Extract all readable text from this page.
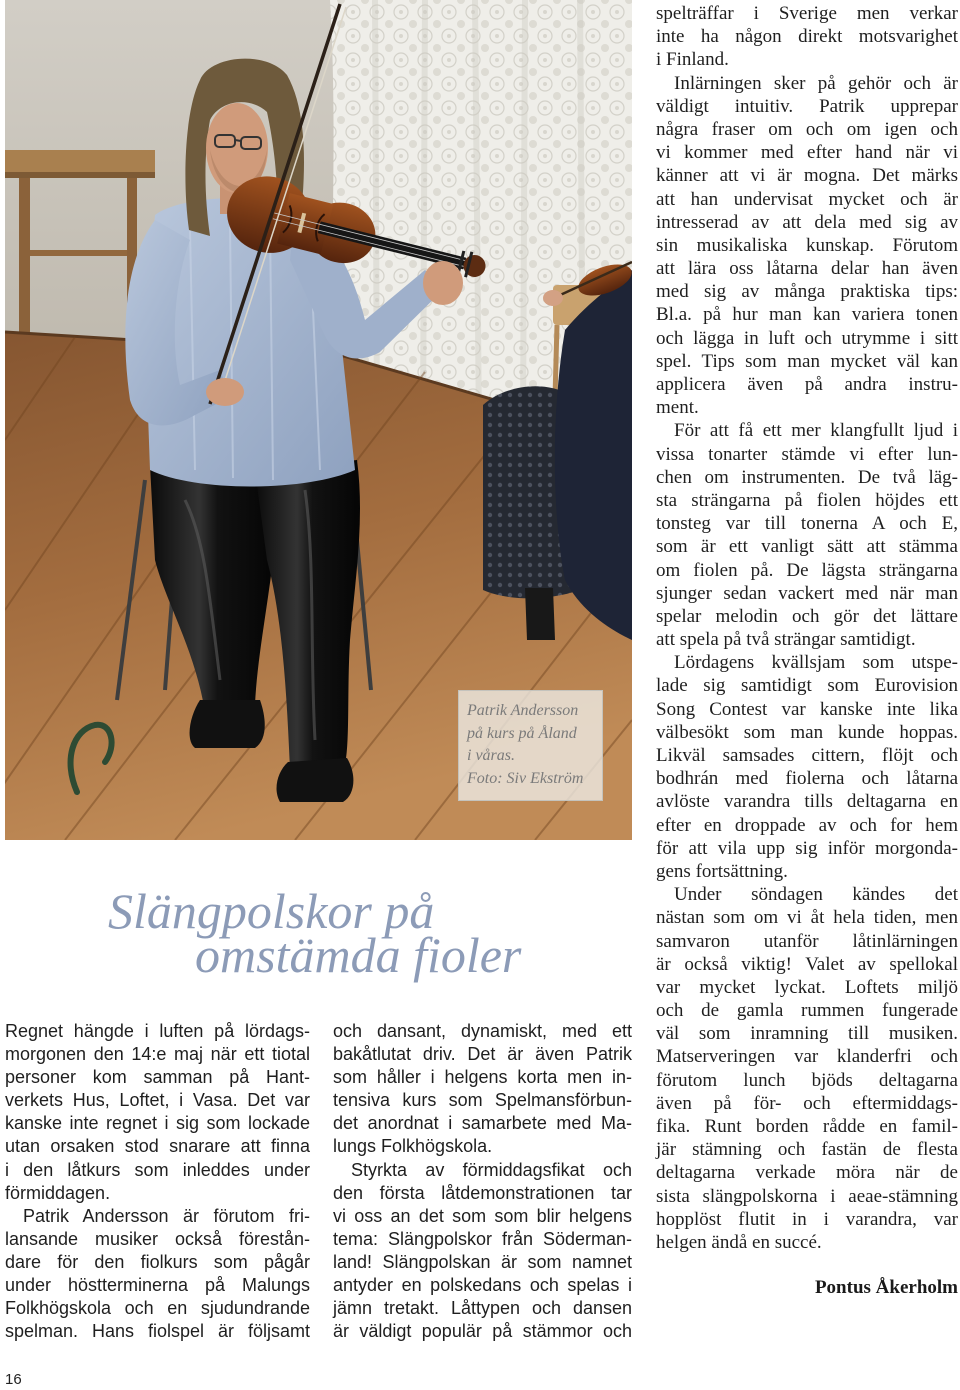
Patrik Andersson
på kurs på Åland
i våras.
Foto: Siv Ekström
Slängpolskor på
omstämda fioler
Regnet hängde i luften på lördags-
morgonen den 14:e maj när ett tiotal
personer kom samman på Hant-
verkets Hus, Loftet, i Vasa. Det var
kanske inte regnet i sig som lockade
utan orsaken stod snarare att finna
i den låtkurs som inleddes under
förmiddagen.
Patrik Andersson är förutom fri-
lansande musiker också förestån-
dare för den fiolkurs som pågår
under höstterminerna på Malungs
Folkhögskola och en sjudundrande
spelman. Hans fiolspel är följsamt
och dansant, dynamiskt, med ett
bakåtlutat driv. Det är även Patrik
som håller i helgens korta men in-
tensiva kurs som Spelmansförbun-
det anordnat i samarbete med Ma-
lungs Folkhögskola.
Styrkta av förmiddagsfikat och
den första låtdemonstrationen tar
vi oss an det som som blir helgens
tema: Slängpolskor från Söderman-
land! Slängpolskan är som namnet
antyder en polskedans och spelas i
jämn tretakt. Låttypen och dansen
är väldigt populär på stämmor och
spelträffar i Sverige men verkar
inte ha någon direkt motsvarighet
i Finland.
Inlärningen sker på gehör och är
väldigt intuitiv. Patrik upprepar
några fraser om och om igen och
vi kommer med efter hand när vi
känner att vi är mogna. Det märks
att han undervisat mycket och är
intresserad av att dela med sig av
sin musikaliska kunskap. Förutom
att lära oss låtarna delar han även
med sig av många praktiska tips:
Bl.a. på hur man kan variera tonen
och lägga in luft och utrymme i sitt
spel. Tips som man mycket väl kan
applicera även på andra instru-
ment.
För att få ett mer klangfullt ljud i
vissa tonarter stämde vi efter lun-
chen om instrumenten. De två läg-
sta strängarna på fiolen höjdes ett
tonsteg var till tonerna A och E,
som är ett vanligt sätt att stämma
om fiolen på. De lägsta strängarna
sjunger sedan vackert med när man
spelar melodin och gör det lättare
att spela på två strängar samtidigt.
Lördagens kvällsjam som utspe-
lade sig samtidigt som Eurovision
Song Contest var kanske inte lika
välbesökt som man kunde hoppas.
Likväl samsades cittern, flöjt och
bodhrán med fiolerna och låtarna
avlöste varandra tills deltagarna en
efter en droppade av och for hem
för att vila upp sig inför morgonda-
gens fortsättning.
Under söndagen kändes det
nästan som om vi åt hela tiden, men
samvaron utanför låtinlärningen
är också viktig! Valet av spellokal
var mycket lyckat. Loftets miljö
och de gamla rummen fungerade
väl som inramning till musiken.
Matserveringen var klanderfri och
förutom lunch bjöds deltagarna
även på för- och eftermiddags-
fika. Runt borden rådde en famil-
jär stämning och fastän de flesta
deltagarna verkade möra när de
sista slängpolskorna i aeae-stämning
hopplöst flutit in i varandra, var
helgen ändå en succé.
Pontus Åkerholm
16
